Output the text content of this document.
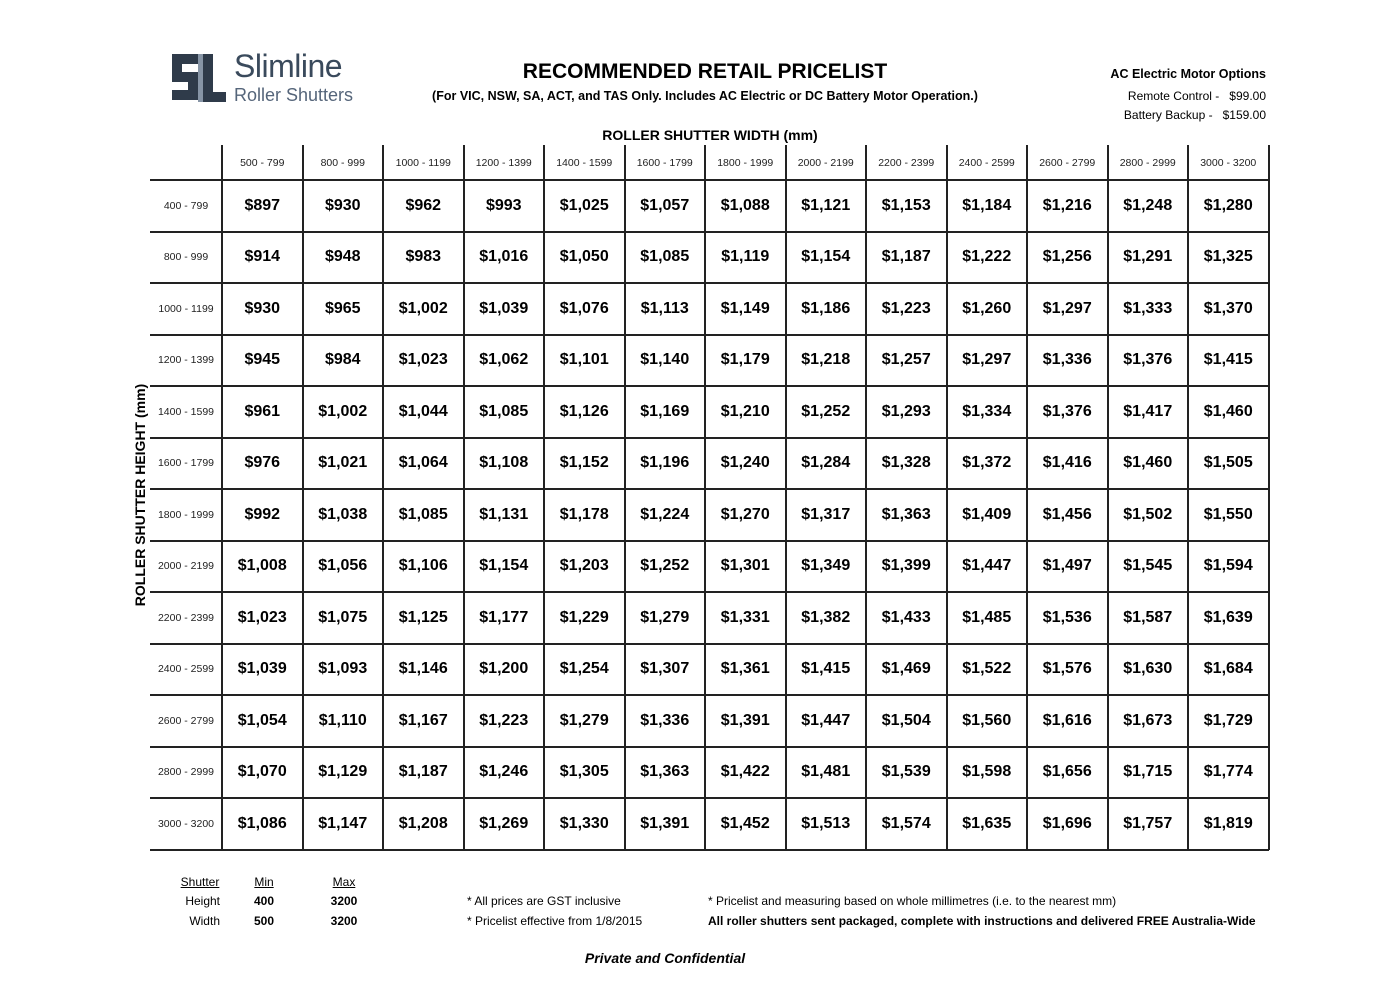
Slimline
Roller Shutters
RECOMMENDED RETAIL PRICELIST
(For VIC, NSW, SA, ACT, and TAS Only. Includes AC Electric or DC Battery Motor Operation.)
AC Electric Motor Options
Remote Control - $99.00
Battery Backup - $159.00
ROLLER SHUTTER WIDTH (mm)
ROLLER SHUTTER HEIGHT (mm)
500 - 799	800 - 999	1000 - 1199	1200 - 1399	1400 - 1599	1600 - 1799	1800 - 1999	2000 - 2199	2200 - 2399	2400 - 2599	2600 - 2799	2800 - 2999	3000 - 3200
400 - 799	$897	$930	$962	$993	$1,025	$1,057	$1,088	$1,121	$1,153	$1,184	$1,216	$1,248	$1,280
800 - 999	$914	$948	$983	$1,016	$1,050	$1,085	$1,119	$1,154	$1,187	$1,222	$1,256	$1,291	$1,325
1000 - 1199	$930	$965	$1,002	$1,039	$1,076	$1,113	$1,149	$1,186	$1,223	$1,260	$1,297	$1,333	$1,370
1200 - 1399	$945	$984	$1,023	$1,062	$1,101	$1,140	$1,179	$1,218	$1,257	$1,297	$1,336	$1,376	$1,415
1400 - 1599	$961	$1,002	$1,044	$1,085	$1,126	$1,169	$1,210	$1,252	$1,293	$1,334	$1,376	$1,417	$1,460
1600 - 1799	$976	$1,021	$1,064	$1,108	$1,152	$1,196	$1,240	$1,284	$1,328	$1,372	$1,416	$1,460	$1,505
1800 - 1999	$992	$1,038	$1,085	$1,131	$1,178	$1,224	$1,270	$1,317	$1,363	$1,409	$1,456	$1,502	$1,550
2000 - 2199	$1,008	$1,056	$1,106	$1,154	$1,203	$1,252	$1,301	$1,349	$1,399	$1,447	$1,497	$1,545	$1,594
2200 - 2399	$1,023	$1,075	$1,125	$1,177	$1,229	$1,279	$1,331	$1,382	$1,433	$1,485	$1,536	$1,587	$1,639
2400 - 2599	$1,039	$1,093	$1,146	$1,200	$1,254	$1,307	$1,361	$1,415	$1,469	$1,522	$1,576	$1,630	$1,684
2600 - 2799	$1,054	$1,110	$1,167	$1,223	$1,279	$1,336	$1,391	$1,447	$1,504	$1,560	$1,616	$1,673	$1,729
2800 - 2999	$1,070	$1,129	$1,187	$1,246	$1,305	$1,363	$1,422	$1,481	$1,539	$1,598	$1,656	$1,715	$1,774
3000 - 3200	$1,086	$1,147	$1,208	$1,269	$1,330	$1,391	$1,452	$1,513	$1,574	$1,635	$1,696	$1,757	$1,819
Shutter	Min	Max
Height	400	3200
Width	500	3200
* All prices are GST inclusive
* Pricelist effective from 1/8/2015
* Pricelist and measuring based on whole millimetres (i.e. to the nearest mm)
All roller shutters sent packaged, complete with instructions and delivered FREE Australia-Wide
Private and Confidential
